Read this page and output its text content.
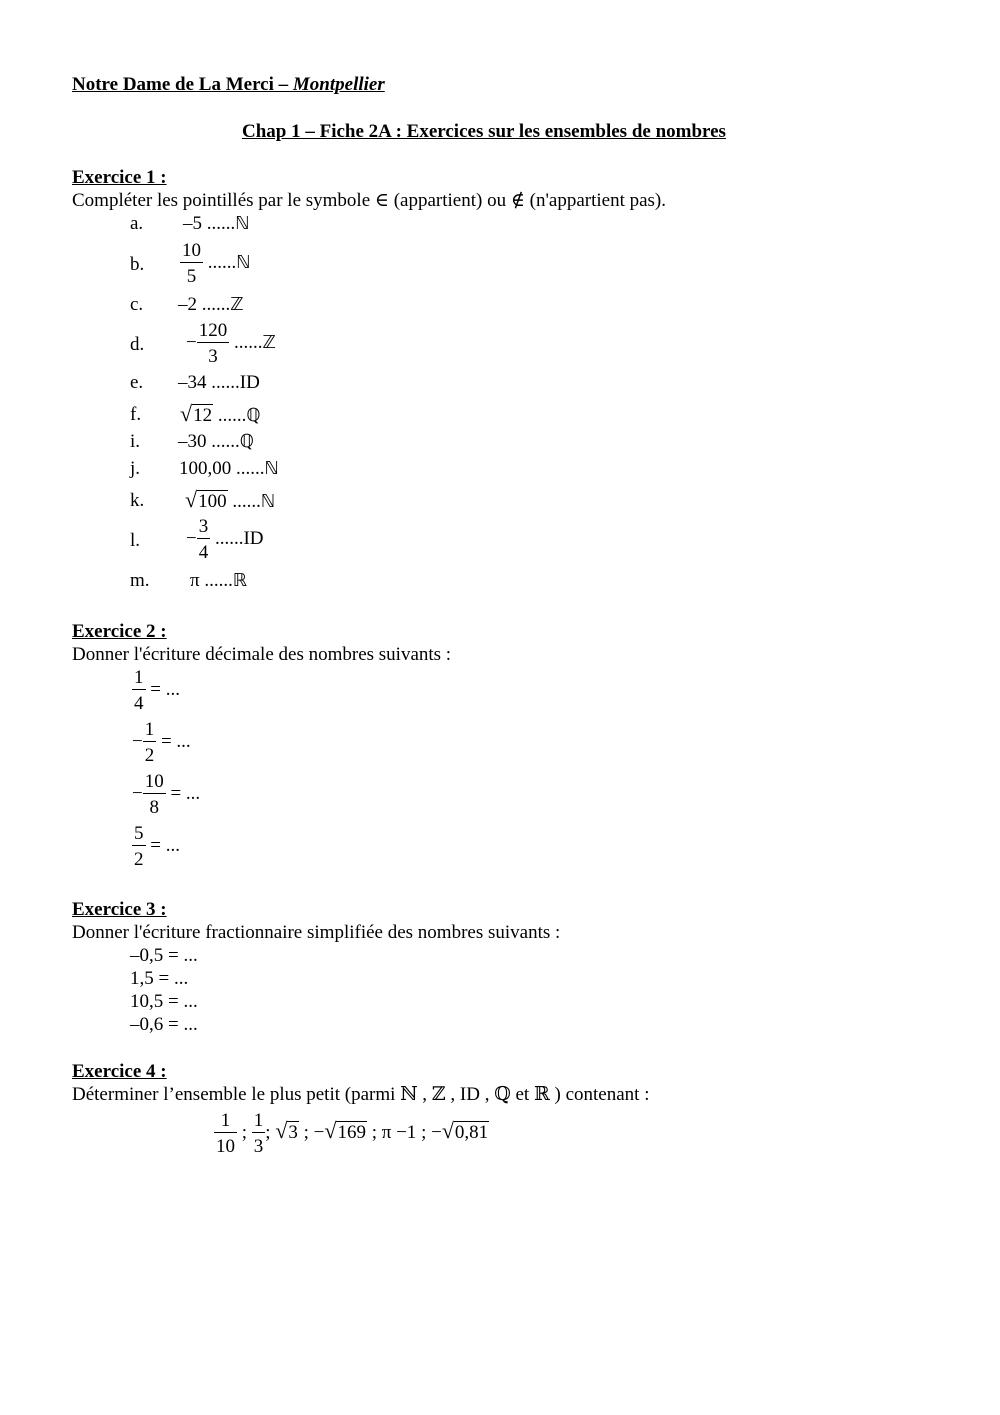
Notre Dame de La Merci – Montpellier
Chap 1 – Fiche 2A : Exercices sur les ensembles de nombres
Exercice 1 :
Compléter les pointillés par le symbole ∈ (appartient) ou ∉ (n'appartient pas).
a. –5 ......ℕ
b. $\frac{10}{5}$ ......ℕ
c. –2 ......ℤ
d. − $\frac{120}{3}$ ......ℤ
e. –34 ......ID
f. √12 ......ℚ
i. –30 ......ℚ
j. 100,00 ......ℕ
k. √100 ......ℕ
l. − $\frac{3}{4} ......ID$
m. π ......ℝ
Exercice 2 :
Donner l'écriture décimale des nombres suivants :
$\frac{1}{4}$ = ...
− $\frac{1}{2}$ = ...
− $\frac{10}{8}$ = ...
$\frac{5}{2}$ = ...
Exercice 3 :
Donner l'écriture fractionnaire simplifiée des nombres suivants :
–0,5 = ...
1,5 = ...
10,5 = ...
–0,6 = ...
Exercice 4 :
Déterminer l’ensemble le plus petit (parmi ℕ , ℤ , ID , ℚ et ℝ ) contenant :
$\frac{1}{10}$ ; $\frac{1}{3}$ ; √3 ; −√169 ; π −1 ; −√0,81
